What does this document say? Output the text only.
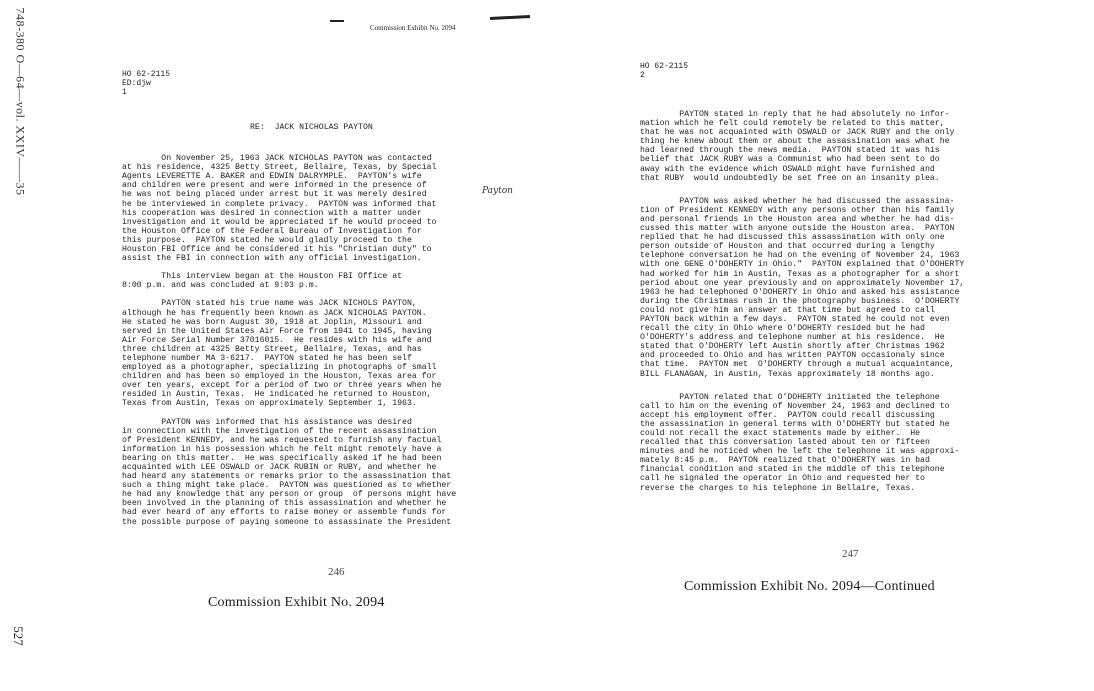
748-380 O—64—vol. XXIV——35
527
Commission Exhibit No. 2094

HO 62-2115

ED:djw

1

RE:  JACK NICHOLAS PAYTON

On November 25, 1963 JACK NICHOLAS PAYTON was contacted

at his residence, 4325 Betty Street, Bellaire, Texas, by Special

Agents LEVERETTE A. BAKER and EDWIN DALRYMPLE.  PAYTON's wife

and children were present and were informed in the presence of

he was not being placed under arrest but it was merely desired

he be interviewed in complete privacy.  PAYTON was informed that

his cooperation was desired in connection with a matter under

investigation and it would be appreciated if he would proceed to

the Houston Office of the Federal Bureau of Investigation for

this purpose.  PAYTON stated he would gladly proceed to the

Houston FBI Office and he considered it his "Christian duty" to

assist the FBI in connection with any official investigation.

This interview began at the Houston FBI Office at

8:00 p.m. and was concluded at 9:03 p.m.

PAYTON stated his true name was JACK NICHOLS PAYTON,

although he has frequently been known as JACK NICHOLAS PAYTON.

He stated he was born August 30, 1918 at Joplin, Missouri and

served in the United States Air Force from 1941 to 1945, having

Air Force Serial Number 37016015.  He resides with his wife and

three children at 4325 Betty Street, Bellaire, Texas, and has

telephone number MA 3-6217.  PAYTON stated he has been self

employed as a photographer, specializing in photographs of small

children and has been so employed in the Houston, Texas area for

over ten years, except for a period of two or three years when he

resided in Austin, Texas.  He indicated he returned to Houston,

Texas from Austin, Texas on approximately September 1, 1963.

PAYTON was informed that his assistance was desired

in connection with the investigation of the recent assassination

of President KENNEDY, and he was requested to furnish any factual

information in his possession which he felt might remotely have a

bearing on this matter.  He was specifically asked if he had been

acquainted with LEE OSWALD or JACK RUBIN or RUBY, and whether he

had heard any statements or remarks prior to the assassination that

such a thing might take place.  PAYTON was questioned as to whether

he had any knowledge that any person or group  of persons might have

been involved in the planning of this assassination and whether he

had ever heard of any efforts to raise money or assemble funds for

the possible purpose of paying someone to assassinate the President

Payton
246
Commission Exhibit No. 2094

HO 62-2115

2

PAYTON stated in reply that he had absolutely no infor-

mation which he felt could remotely be related to this matter,

that he was not acquainted with OSWALD or JACK RUBY and the only

thing he knew about them or about the assassination was what he

had learned through the news media.  PAYTON stated it was his

belief that JACK RUBY was a Communist who had been sent to do

away with the evidence which OSWALD might have furnished and

that RUBY  would undoubtedly be set free on an insanity plea.

PAYTON was asked whether he had discussed the assassina-

tion of President KENNEDY with any persons other than his family

and personal friends in the Houston area and whether he had dis-

cussed this matter with anyone outside the Houston area.  PAYTON

replied that he had discussed this assassination with only one

person outside of Houston and that occurred during a lengthy

telephone conversation he had on the evening of November 24, 1963

with one GENE O'DOHERTY in Ohio."  PAYTON explained that O'DOHERTY

had worked for him in Austin, Texas as a photographer for a short

period about one year previously and on approximately November 17,

1963 he had telephoned O'DOHERTY in Ohio and asked his assistance

during the Christmas rush in the photography business.  O'DOHERTY

could not give him an answer at that time but agreed to call

PAYTON back within a few days.  PAYTON stated he could not even

recall the city in Ohio where O'DOHERTY resided but he had

O'DOHERTY's address and telephone number at his residence.  He

stated that O'DOHERTY left Austin shortly after Christmas 1962

and proceeded to Ohio and has written PAYTON occasionaly since

that time.  PAYTON met  O'DOHERTY through a mutual acquaintance,

BILL FLANAGAN, in Austin, Texas approximately 18 months ago.

PAYTON related that O'DOHERTY initiated the telephone

call to him on the evening of November 24, 1963 and declined to

accept his employment offer.  PAYTON could recall discussing

the assassination in general terms with O'DOHERTY but stated he

could not recall the exact statements made by either.  He

recalled that this conversation lasted about ten or fifteen

minutes and he noticed when he left the telephone it was approxi-

mately 8:45 p.m.  PAYTON realized that O'DOHERTY was in bad

financial condition and stated in the middle of this telephone

call he signaled the operator in Ohio and requested her to

reverse the charges to his telephone in Bellaire, Texas.

247
Commission Exhibit No. 2094—Continued
